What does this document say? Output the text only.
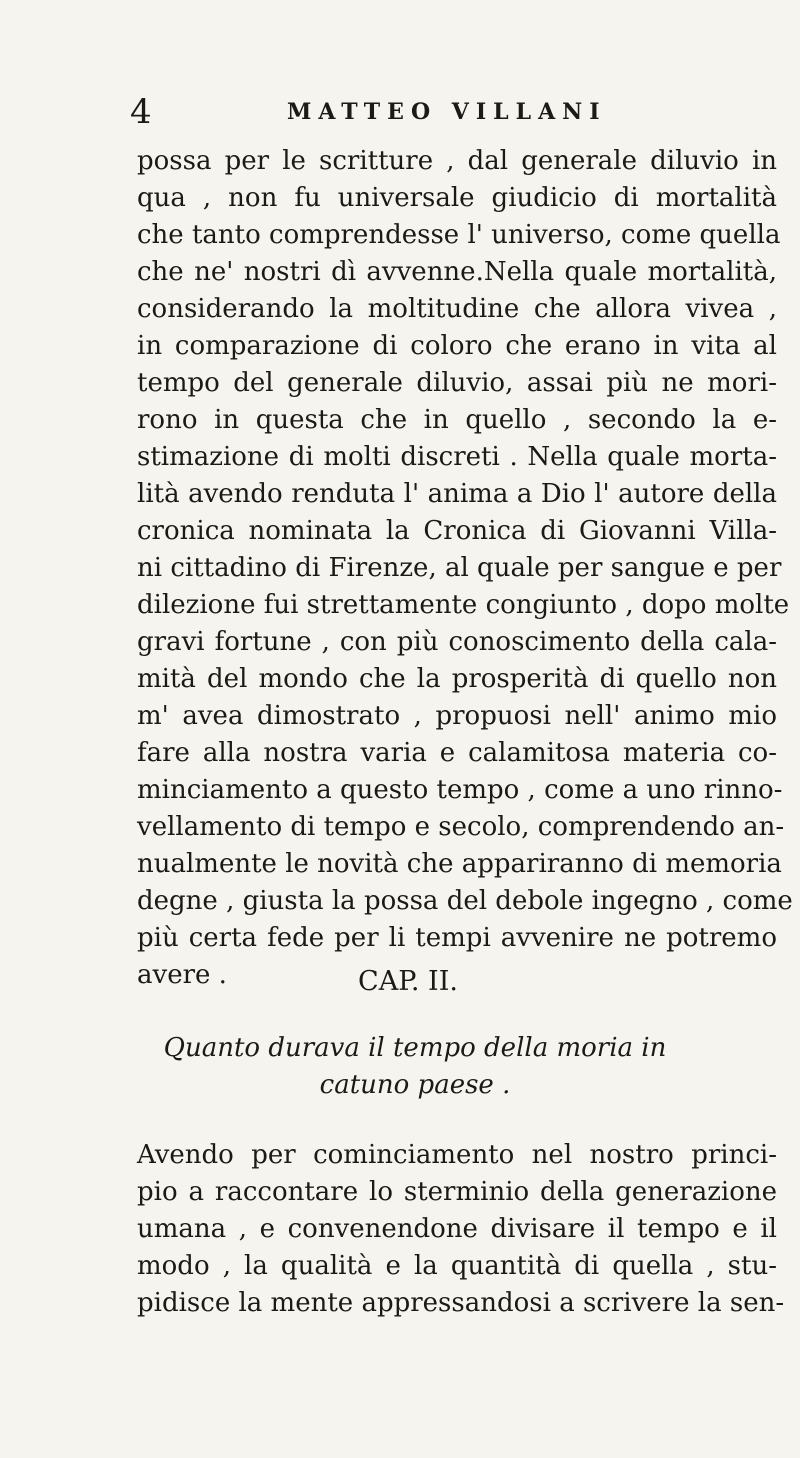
4	MATTEO VILLANI
possa per le scritture , dal generale diluvio in
qua , non fu universale giudicio di mortalità
che tanto comprendesse l' universo, come quella
che ne' nostri dì avvenne.Nella quale mortalità,
considerando la moltitudine che allora vivea ,
in comparazione di coloro che erano in vita al
tempo del generale diluvio, assai più ne mori-
rono in questa che in quello , secondo la e-
stimazione di molti discreti . Nella quale morta-
lità avendo renduta l' anima a Dio l' autore della
cronica nominata la Cronica di Giovanni Villa-
ni cittadino di Firenze, al quale per sangue e per
dilezione fui strettamente congiunto , dopo molte
gravi fortune , con più conoscimento della cala-
mità del mondo che la prosperità di quello non
m' avea dimostrato , propuosi nell' animo mio
fare alla nostra varia e calamitosa materia co-
minciamento a questo tempo , come a uno rinno-
vellamento di tempo e secolo, comprendendo an-
nualmente le novità che appariranno di memoria
degne , giusta la possa del debole ingegno , come
più certa fede per li tempi avvenire ne potremo
avere .	CAP. II.
Quanto durava il tempo della moria in
catuno paese .
Avendo per cominciamento nel nostro princi-
pio a raccontare lo sterminio della generazione
umana , e convenendone divisare il tempo e il
modo , la qualità e la quantità di quella , stu-
pidisce la mente appressandosi a scrivere la sen-
